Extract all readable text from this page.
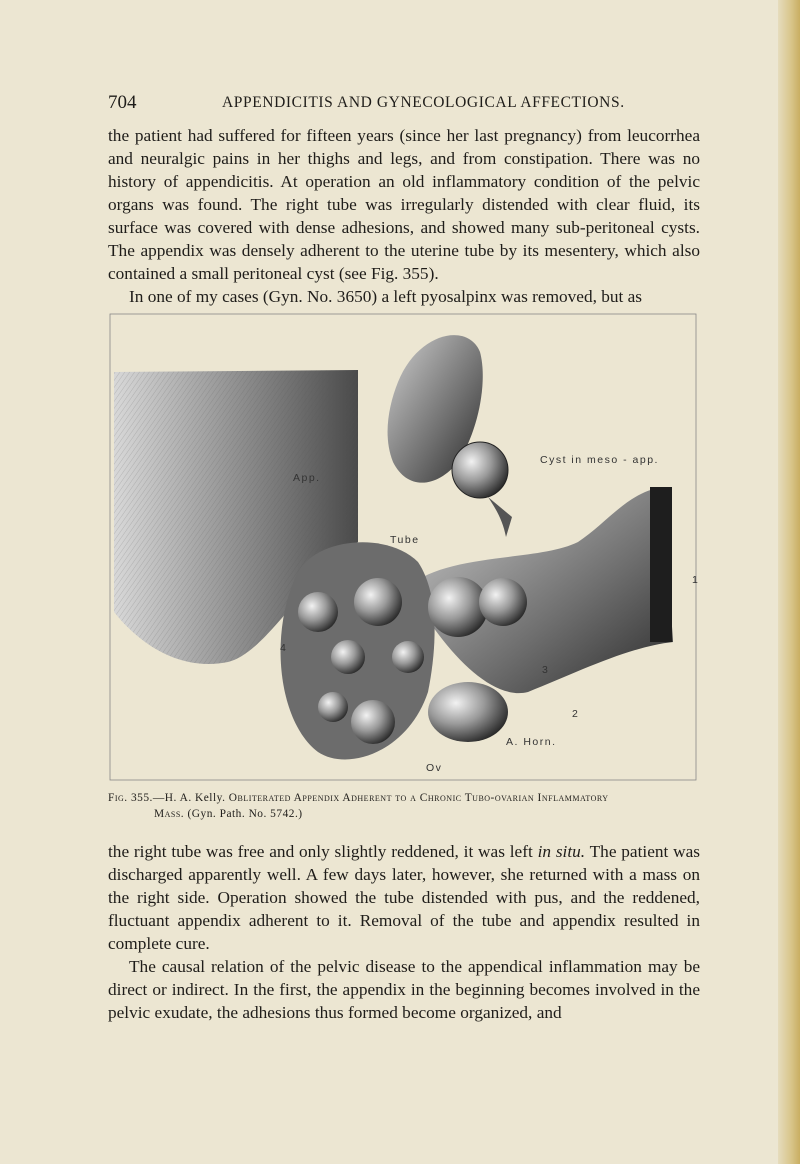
704	APPENDICITIS AND GYNECOLOGICAL AFFECTIONS.

the patient had suffered for fifteen years (since her last pregnancy) from leucorrhea and neuralgic pains in her thighs and legs, and from constipation. There was no history of appendicitis. At operation an old inflammatory condition of the pelvic organs was found. The right tube was irregularly distended with clear fluid, its surface was covered with dense adhesions, and showed many sub-peritoneal cysts. The appendix was densely adherent to the uterine tube by its mesentery, which also contained a small peritoneal cyst (see Fig. 355).

In one of my cases (Gyn. No. 3650) a left pyosalpinx was removed, but as

App.
Cyst in meso - app.
Tube
A. Horn.
Ov
1
2
3
4
Fig. 355.—H. A. Kelly. Obliterated Appendix Adherent to a Chronic Tubo-ovarian Inflammatory
Mass. (Gyn. Path. No. 5742.)

the right tube was free and only slightly reddened, it was left in situ. The patient was discharged apparently well. A few days later, however, she returned with a mass on the right side. Operation showed the tube distended with pus, and the reddened, fluctuant appendix adherent to it. Removal of the tube and appendix resulted in complete cure.

The causal relation of the pelvic disease to the appendical inflammation may be direct or indirect. In the first, the appendix in the beginning becomes involved in the pelvic exudate, the adhesions thus formed become organized, and
